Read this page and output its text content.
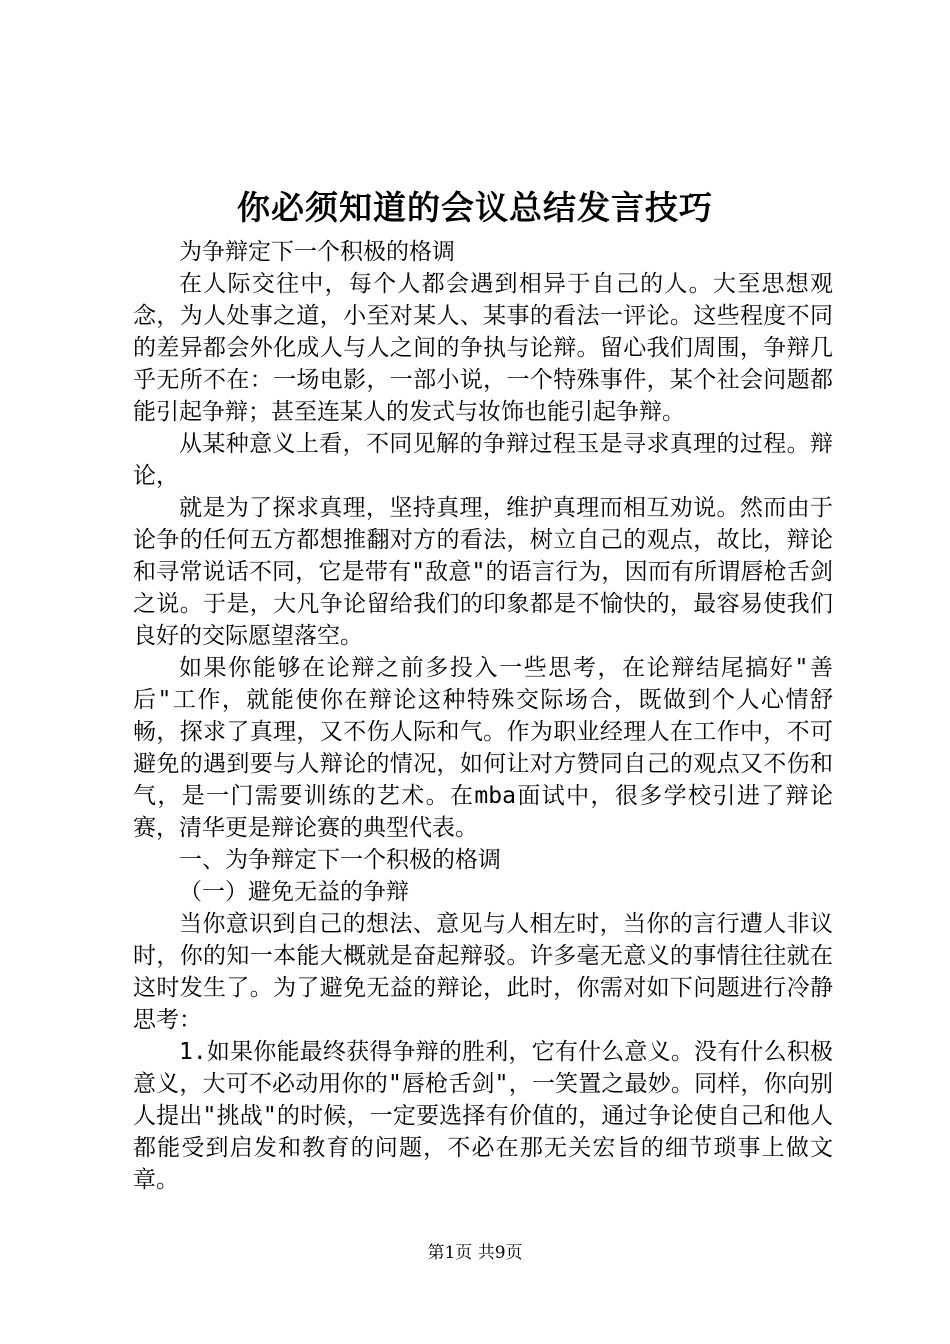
你必须知道的会议总结发言技巧

为争辩定下一个积极的格调

在人际交往中，每个人都会遇到相异于自己的人。大至思想观念，为人处事之道，小至对某人、某事的看法一评论。这些程度不同的差异都会外化成人与人之间的争执与论辩。留心我们周围，争辩几乎无所不在：一场电影，一部小说，一个特殊事件，某个社会问题都能引起争辩；甚至连某人的发式与妆饰也能引起争辩。

从某种意义上看，不同见解的争辩过程玉是寻求真理的过程。辩论，

就是为了探求真理，坚持真理，维护真理而相互劝说。然而由于论争的任何五方都想推翻对方的看法，树立自己的观点，故比，辩论和寻常说话不同，它是带有"敌意"的语言行为，因而有所谓唇枪舌剑之说。于是，大凡争论留给我们的印象都是不愉快的，最容易使我们良好的交际愿望落空。

如果你能够在论辩之前多投入一些思考，在论辩结尾搞好"善后"工作，就能使你在辩论这种特殊交际场合，既做到个人心情舒畅，探求了真理，又不伤人际和气。作为职业经理人在工作中，不可避免的遇到要与人辩论的情况，如何让对方赞同自己的观点又不伤和气，是一门需要训练的艺术。在mba面试中，很多学校引进了辩论赛，清华更是辩论赛的典型代表。

一、为争辩定下一个积极的格调

（一）避免无益的争辩

当你意识到自己的想法、意见与人相左时，当你的言行遭人非议时，你的知一本能大概就是奋起辩驳。许多毫无意义的事情往往就在这时发生了。为了避免无益的辩论，此时，你需对如下问题进行冷静思考：

1.如果你能最终获得争辩的胜利，它有什么意义。没有什么积极意义，大可不必动用你的"唇枪舌剑"，一笑置之最妙。同样，你向别人提出"挑战"的时候，一定要选择有价值的，通过争论使自己和他人都能受到启发和教育的问题，不必在那无关宏旨的细节琐事上做文章。

第1页 共9页
